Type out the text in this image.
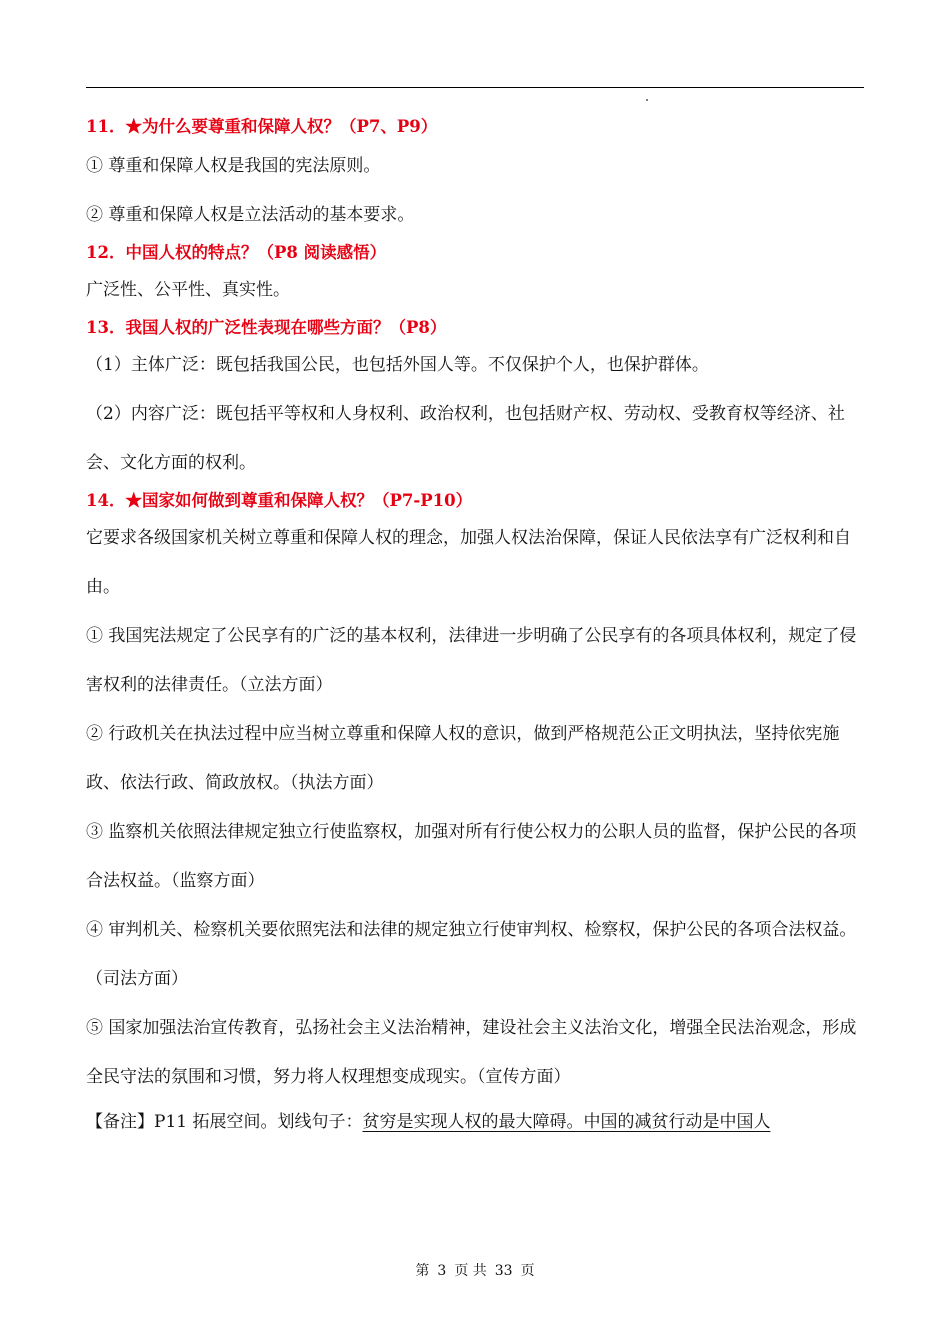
11．★为什么要尊重和保障人权？（P7、P9）
① 尊重和保障人权是我国的宪法原则。
② 尊重和保障人权是立法活动的基本要求。
12．中国人权的特点？（P8 阅读感悟）
广泛性、公平性、真实性。
13．我国人权的广泛性表现在哪些方面？（P8）
（1）主体广泛：既包括我国公民，也包括外国人等。不仅保护个人，也保护群体。
（2）内容广泛：既包括平等权和人身权利、政治权利，也包括财产权、劳动权、受教育权等经济、社会、文化方面的权利。
14．★国家如何做到尊重和保障人权？（P7-P10）
它要求各级国家机关树立尊重和保障人权的理念，加强人权法治保障，保证人民依法享有广泛权利和自由。
① 我国宪法规定了公民享有的广泛的基本权利，法律进一步明确了公民享有的各项具体权利，规定了侵害权利的法律责任。（立法方面）
② 行政机关在执法过程中应当树立尊重和保障人权的意识，做到严格规范公正文明执法，坚持依宪施政、依法行政、简政放权。（执法方面）
③ 监察机关依照法律规定独立行使监察权，加强对所有行使公权力的公职人员的监督，保护公民的各项合法权益。（监察方面）
④ 审判机关、检察机关要依照宪法和法律的规定独立行使审判权、检察权，保护公民的各项合法权益。（司法方面）
⑤ 国家加强法治宣传教育，弘扬社会主义法治精神，建设社会主义法治文化，增强全民法治观念，形成全民守法的氛围和习惯，努力将人权理想变成现实。（宣传方面）
【备注】P11 拓展空间。划线句子：贫穷是实现人权的最大障碍。中国的减贫行动是中国人
第 3 页 共 33 页
